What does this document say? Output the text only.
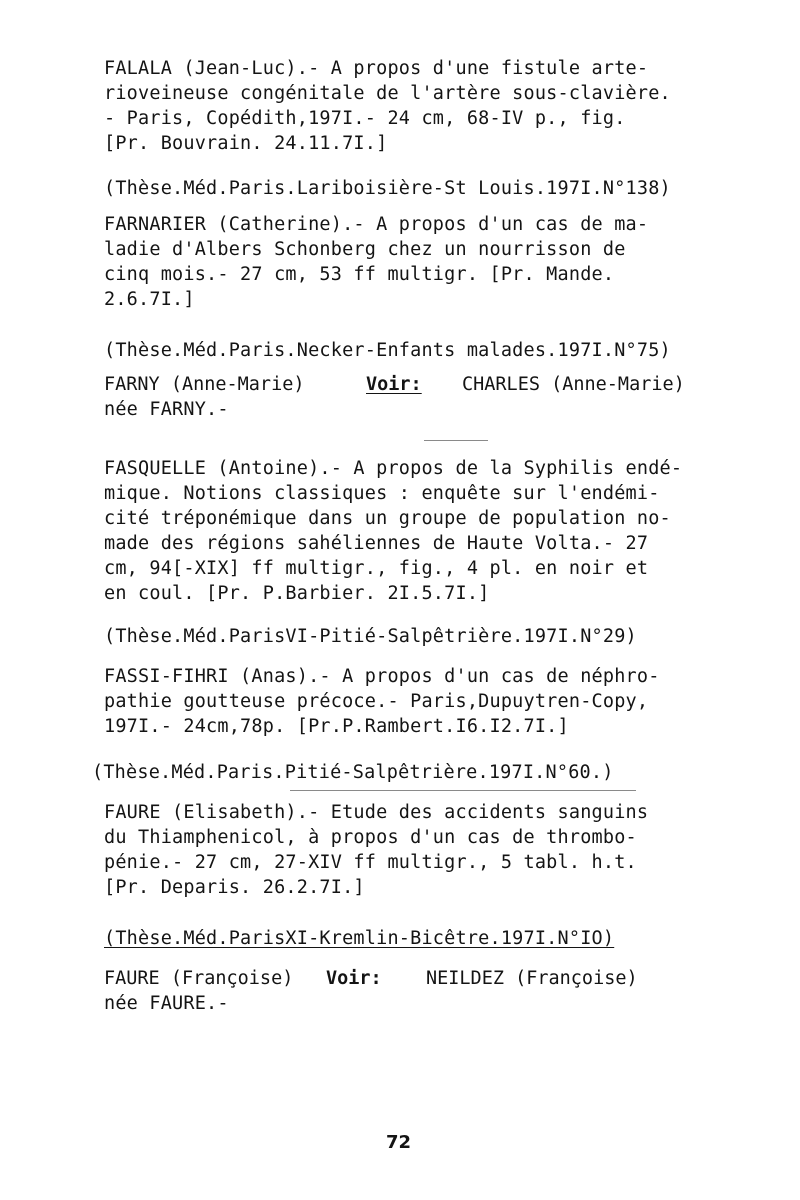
FALALA (Jean-Luc).- A propos d'une fistule arte-
rioveineuse congénitale de l'artère sous-clavière.
- Paris, Copédith,197I.- 24 cm, 68-IV p., fig.
[Pr. Bouvrain. 24.11.7I.]
(Thèse.Méd.Paris.Lariboisière-St Louis.197I.N°138)
FARNARIER (Catherine).- A propos d'un cas de ma-
ladie d'Albers Schonberg chez un nourrisson de
cinq mois.- 27 cm, 53 ff multigr. [Pr. Mande.
2.6.7I.]
(Thèse.Méd.Paris.Necker-Enfants malades.197I.N°75)
FARNY (Anne-Marie)	Voir: CHARLES (Anne-Marie)
née FARNY.-
FASQUELLE (Antoine).- A propos de la Syphilis endé-
mique. Notions classiques : enquête sur l'endémi-
cité tréponémique dans un groupe de population no-
made des régions sahéliennes de Haute Volta.- 27
cm, 94[-XIX] ff multigr., fig., 4 pl. en noir et
en coul. [Pr. P.Barbier. 2I.5.7I.]
(Thèse.Méd.ParisVI-Pitié-Salpêtrière.197I.N°29)
FASSI-FIHRI (Anas).- A propos d'un cas de néphro-
pathie goutteuse précoce.- Paris,Dupuytren-Copy,
197I.- 24cm,78p. [Pr.P.Rambert.I6.I2.7I.]
(Thèse.Méd.Paris.Pitié-Salpêtrière.197I.N°60.)
FAURE (Elisabeth).- Etude des accidents sanguins
du Thiamphenicol, à propos d'un cas de thrombo-
pénie.- 27 cm, 27-XIV ff multigr., 5 tabl. h.t.
[Pr. Deparis. 26.2.7I.]
(Thèse.Méd.ParisXI-Kremlin-Bicêtre.197I.N°IO)
FAURE (Françoise) Voir: NEILDEZ (Françoise)
née FAURE.-
72
